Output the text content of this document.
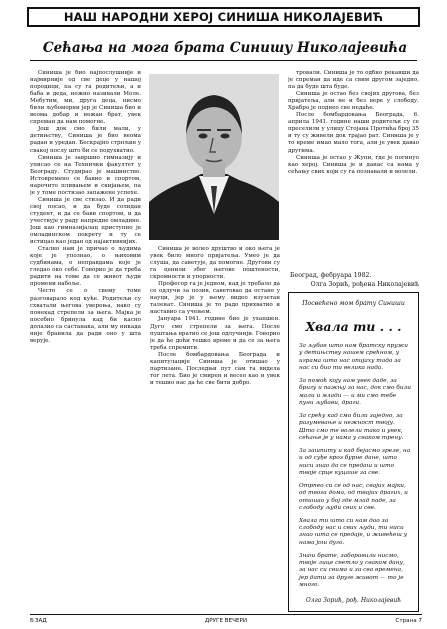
НАШ НАРОДНИ ХЕРОЈ СИНИША НИКОЛАЈЕВИЋ
Сећања на мога брата Синишу Николајевића

Синиша је био најпослушније и најмирније од све деце у нашој породици, па су га родитељи, а и баба и деда, нежно називали Моле. Мебутим, ми, друга деца, нисмо били љубоморни јер је Синиша био и веома добар и нежан брат, увек спреман да нам помогне.

Још док смо били мали, у детињству, Синиша је био веома радан и уредан. Бескрајно стрпљив у свакој послу што би се подухватио.

Синиша је завршио гимназију и уписао се на Технички факултет у Београду. Студирао је машинство. Истовремено се бавио и спортом, нарочито пливањем и скијањем, па је у томе постизао запажене успехе.

Синиша је све стизао. И да ради свој посао, и да буде солидан студент, и да се бави спортом, и да учествује у раду напредне омладине. Још као гимназијалац приступио је омладинском покрету и ту се истицао као један од најактивнијих.

Стално нам је причао о људима које је упознао, о њиховим судбинама, о неправдама које је гледао око себе. Говорио је да треба радити на томе да се живот људи промени набоље.

Често се о свему томе разговарало код куће. Родитељи су схватали његова уверења, иако су понекад стрепели за њега. Мајка је посебно бринула кад би касно долазио са састанака, али му никада није бранила да ради оно у шта верује.

Синиша је волео друштво и око њега је увек било много пријатеља. Умео је да слуша, да саветује, да помогне. Другови су га ценили због његове поштености, скромности и упорности.

Професор га је једном, кад је требало да се одлучи за позив, саветовао да остане у науци, јер је у њему видео изузетан таленат. Синиша је то радо прихватио и наставио са учењем.

Јануара 1941. године био је ухапшен. Дуго смо стрепели за њега. После пуштања вратио се још одлучнији. Говорио је да ће доћи тешко време и да се за њега треба спремити.

После бомбардовања Београда и капитулације Синиша је отишао у партизане. Последњи пут сам га видела тог лета. Био је смирен и весео као и увек и тешио нас да ће све бити добро.

тровали. Синиша је то одбио рекавши да је спреман да иде са свим другом заједно, па да буде шта буде.

Синиша је остао без својих другова, без пријатеља, али не и без вере у слободу. Храбро је поднео све недаће.

После бомбардовања Београда, 6. априла 1941. године наши родитељи су се преселили у улицу Стојана Протића број 35 и ту су живели док трајао рат. Синиша је у то време имао мало тога, али је увек давао другима.

Синиша је остао у Жупи, где је погинуо као херој. Синиша је и данас са нама у сећању свих који су га познавали и волели.

Београд, фебруара 1982.
Олга Зорић, рођена Николајевић
Посвећено мом брату Синиши
Хвала ти . . .

За љубав што нам братску пружи у детињству нашем срећном, у играма што нас опијаху тада за нас си био ти велика нада.

За помоћ коју нам увек даде, за бригу и пажњу за нас, док смо били мали и млади — и ми смо тебе пуни љубави, драги.

За срећу кад смо били заједно, за разумевање и нежност твоју. Што смо те волели тако и увек, сећање је у нама у сваком трену.

За зашпиту и кад бејасмо зреле, на и од суђе кроз бурне дане, што ниси знао да се предаш и што твоје срце куцаше за све.

Отрпео си се од нас, својих мајки, од твога дома, од твојих драгих, и отишао у бој где млад паде, за слободу људи свих и све.

Хвала ти што си нам дао за слободу нас и свих људи, ти ниси знао шта се предаје, и живећеш у нама још дуго.

Знаш брате, заборавили нисмо, твоје лице светло у сваком дану, за нас си свима и за сва времена, јер дати за друге живот — то је много.

Олга Зорић, рођ. Николајевић
Б ЗАД	ДРУГЕ ВЕЧЕРИ	Страна 7
